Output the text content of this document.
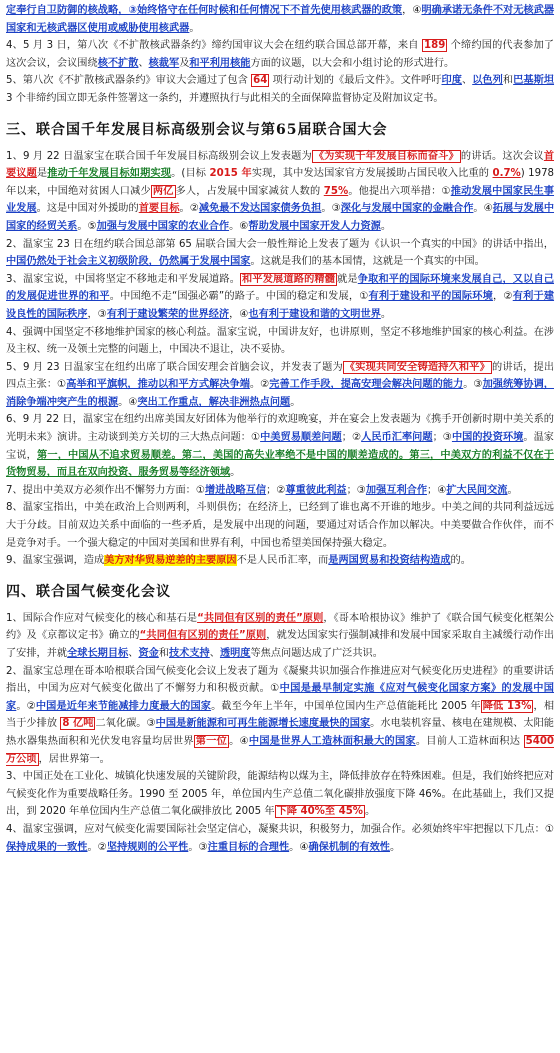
定奉行自卫防御的核战略，③始终恪守在任何时候和任何情况下不首先使用核武器的政策，④明确承诺无条件不对无核武器国家和无核武器区使用或威胁使用核武器。

4、5 月 3 日，第八次《不扩散核武器条约》缔约国审议大会在纽约联合国总部开幕，来自 189 个缔约国的代表参加了这次会议，会议围绕核不扩散、核裁军及和平利用核能方面的议题，以大会和小组讨论的形式进行。

5、第八次《不扩散核武器条约》审议大会通过了包含 64 项行动计划的《最后文件》。文件呼吁印度、以色列和巴基斯坦3 个非缔约国立即无条件签署这一条约，并遵照执行与此相关的全面保障监督协定及附加议定书。

三、联合国千年发展目标高级别会议与第65届联合国大会

1、9 月 22 日温家宝在联合国千年发展目标高级别会议上发表题为 《为实现千年发展目标而奋斗》 的讲话。这次会议首要议题是推动千年发展目标如期实现。(目标 2015 年实现，其中发达国家官方发展援助占国民收入比重的 0.7%) 1978 年以来，中国绝对贫困人口减少 两亿 多人，占发展中国家减贫人数的 75%。他提出六项举措：①推动发展中国家民生事业发展。这是中国对外援助的首要目标。②减免最不发达国家债务负担。③深化与发展中国家的金融合作。④拓展与发展中国家的经贸关系。⑤加强与发展中国家的农业合作。⑥帮助发展中国家开发人力资源。

2、温家宝 23 日在纽约联合国总部第 65 届联合国大会一般性辩论上发表了题为《认识一个真实的中国》的讲话中指出，中国仍然处于社会主义初级阶段，仍然属于发展中国家。这就是我们的基本国情，这就是一个真实的中国。

3、温家宝说，中国将坚定不移地走和平发展道路。 和平发展道路的精髓 就是争取和平的国际环境来发展自己，又以自己的发展促进世界的和平。中国绝不走“国强必霸”的路子。中国的稳定和发展，①有利于建设和平的国际环境，②有利于建设良性的国际秩序，③有利于建设繁荣的世界经济，④也有利于建设和谐的文明世界。

4、强调中国坚定不移地维护国家的核心利益。温家宝说，中国讲友好，也讲原则，坚定不移地维护国家的核心利益。在涉及主权、统一及领土完整的问题上，中国决不退让，决不妥协。

5、9 月 23 日温家宝在纽约出席了联合国安理会首脑会议，并发表了题为 《实现共同安全铸造持久和平》 的讲话，提出四点主张：①高举和平旗帜，推动以和平方式解决争端。②完善工作手段，提高安理会解决问题的能力。③加强统筹协调，消除争端冲突产生的根源。④突出工作重点，解决非洲热点问题。

6、9 月 22 日，温家宝在纽约出席美国友好团体为他举行的欢迎晚宴，并在宴会上发表题为《携手开创新时期中美关系的光明未来》演讲。主动谈到美方关切的三大热点问题：①中美贸易顺差问题；②人民币汇率问题；③中国的投资环境。温家宝说，第一，中国从不追求贸易顺差。第二，美国的高失业率绝不是中国的顺差造成的。第三，中美双方的利益不仅在于货物贸易，而且在双向投资、服务贸易等经济领域。

7、提出中美双方必须作出不懈努力方面：①增进战略互信；②尊重彼此利益；③加强互利合作；④扩大民间交流。

8、温家宝指出，中美在政治上合则两利，斗则俱伤；在经济上，已经到了谁也离不开谁的地步。中美之间的共同利益远远大于分歧。目前双边关系中面临的一些矛盾，是发展中出现的问题，要通过对话合作加以解决。中美要做合作伙伴，而不是竞争对手。一个强大稳定的中国对美国和世界有利，中国也希望美国保持强大稳定。

9、温家宝强调，造成美方对华贸易逆差的主要原因不是人民币汇率，而是两国贸易和投资结构造成的。

四、联合国气候变化会议

1、国际合作应对气候变化的核心和基石是“共同但有区别的责任”原则，《哥本哈根协议》维护了《联合国气候变化框架公约》及《京都议定书》确立的“共同但有区别的责任”原则，就发达国家实行强制减排和发展中国家采取自主减缓行动作出了安排，并就全球长期目标、资金和技术支持、透明度等焦点问题达成了广泛共识。

2、温家宝总理在哥本哈根联合国气候变化会议上发表了题为《凝聚共识加强合作推进应对气候变化历史进程》的重要讲话指出，中国为应对气候变化做出了不懈努力和积极贡献。①中国是最早制定实施《应对气候变化国家方案》的发展中国家。②中国是近年来节能减排力度最大的国家。截至今年上半年，中国单位国内生产总值能耗比 2005 年 降低 13% ，相当于少排放 8 亿吨 二氧化碳。③中国是新能源和可再生能源增长速度最快的国家。水电装机容量、核电在建规模、太阳能热水器集热面积和光伏发电容量均居世界 第一位 。④中国是世界人工造林面积最大的国家。目前人工造林面积达 5400 万公顷 ，居世界第一。

3、中国正处在工业化、城镇化快速发展的关键阶段，能源结构以煤为主，降低排放存在特殊困难。但是，我们始终把应对气候变化作为重要战略任务。1990 至 2005 年，单位国内生产总值二氧化碳排放强度下降 46%。在此基础上，我们又提出，到 2020 年单位国内生产总值二氧化碳排放比 2005 年 下降 40%至 45% 。

4、温家宝强调，应对气候变化需要国际社会坚定信心，凝聚共识，积极努力，加强合作。必须始终牢牢把握以下几点：①保持成果的一致性。②坚持规则的公平性。③注重目标的合理性。④确保机制的有效性。
